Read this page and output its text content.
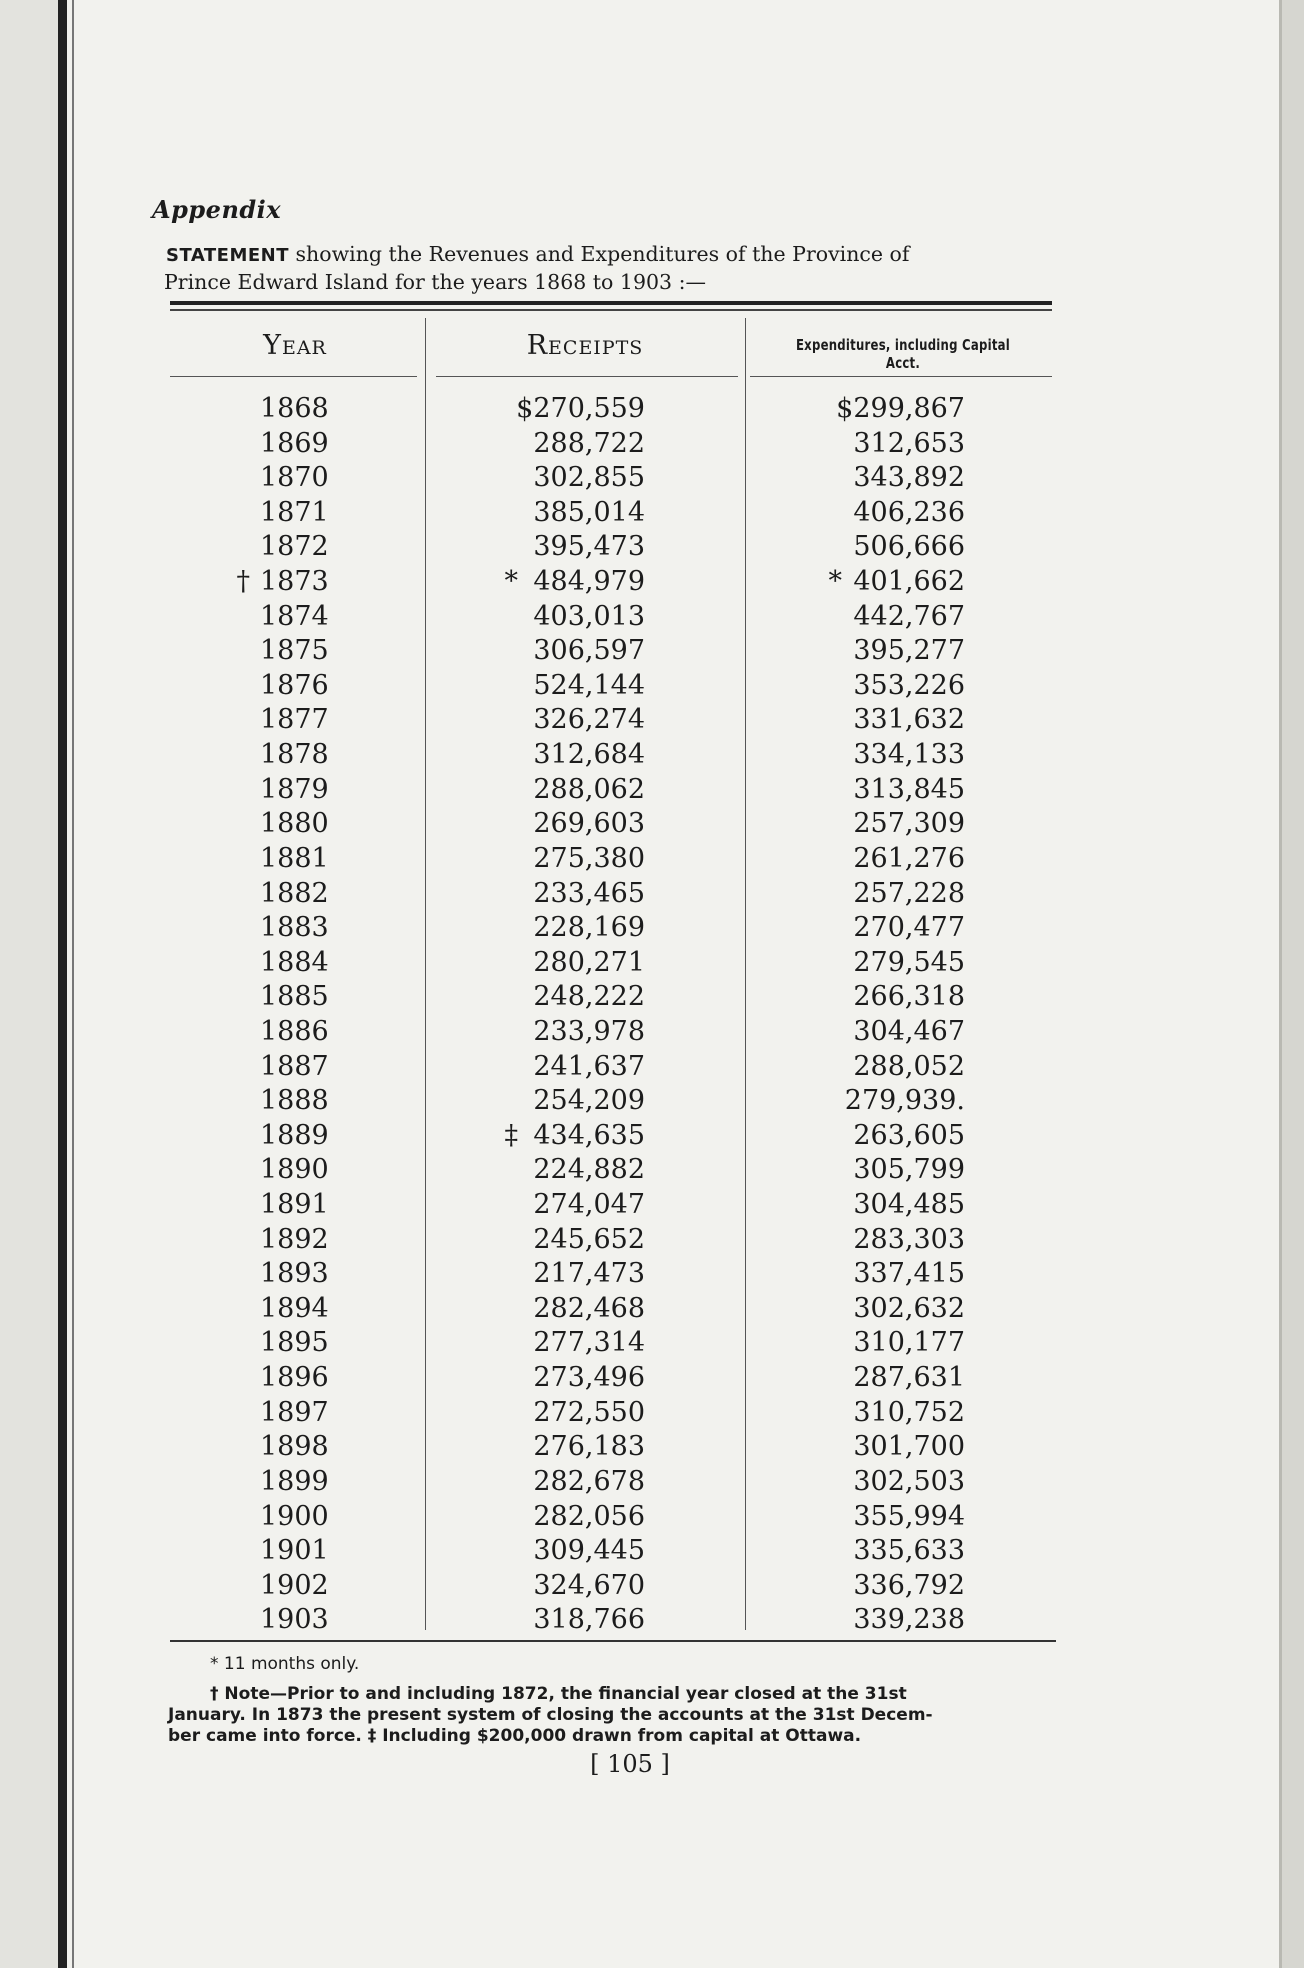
Appendix
STATEMENT showing the Revenues and Expenditures of the Province of
Prince Edward Island for the years 1868 to 1903 :—
Year	Receipts	Expenditures, including Capital Acct.
1868	$270,559	$299,867
1869	288,722	312,653
1870	302,855	343,892
1871	385,014	406,236
1872	395,473	506,666
† 1873	* 484,979	* 401,662
1874	403,013	442,767
1875	306,597	395,277
1876	524,144	353,226
1877	326,274	331,632
1878	312,684	334,133
1879	288,062	313,845
1880	269,603	257,309
1881	275,380	261,276
1882	233,465	257,228
1883	228,169	270,477
1884	280,271	279,545
1885	248,222	266,318
1886	233,978	304,467
1887	241,637	288,052
1888	254,209	279,939.
1889	‡ 434,635	263,605
1890	224,882	305,799
1891	274,047	304,485
1892	245,652	283,303
1893	217,473	337,415
1894	282,468	302,632
1895	277,314	310,177
1896	273,496	287,631
1897	272,550	310,752
1898	276,183	301,700
1899	282,678	302,503
1900	282,056	355,994
1901	309,445	335,633
1902	324,670	336,792
1903	318,766	339,238
* 11 months only.
† Note—Prior to and including 1872, the financial year closed at the 31st
January. In 1873 the present system of closing the accounts at the 31st Decem-
ber came into force. ‡ Including $200,000 drawn from capital at Ottawa.
[ 105 ]
